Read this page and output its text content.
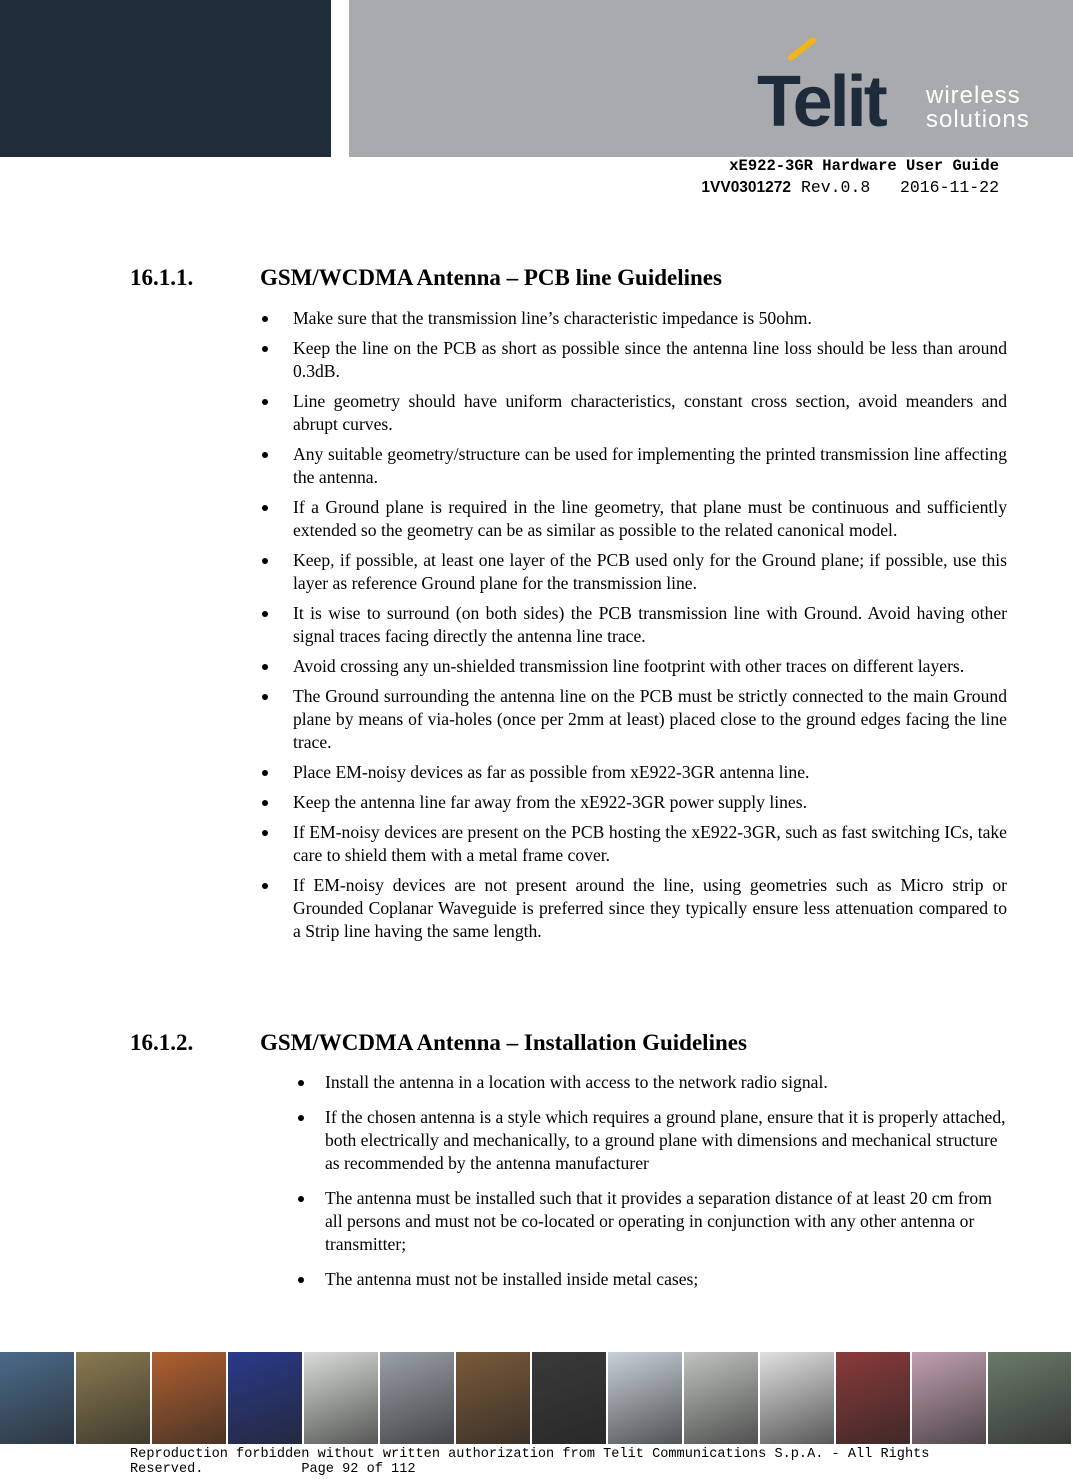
Telit wireless
solutions
xE922-3GR Hardware User Guide
1VV0301272 Rev.0.8 2016-11-22
16.1.1.	GSM/WCDMA Antenna – PCB line Guidelines
Make sure that the transmission line’s characteristic impedance is 50ohm.
Keep the line on the PCB as short as possible since the antenna line loss should be less than around 0.3dB.
Line geometry should have uniform characteristics, constant cross section, avoid meanders and abrupt curves.
Any suitable geometry/structure can be used for implementing the printed transmission line affecting the antenna.
If a Ground plane is required in the line geometry, that plane must be continuous and sufficiently extended so the geometry can be as similar as possible to the related canonical model.
Keep, if possible, at least one layer of the PCB used only for the Ground plane; if possible, use this layer as reference Ground plane for the transmission line.
It is wise to surround (on both sides) the PCB transmission line with Ground. Avoid having other signal traces facing directly the antenna line trace.
Avoid crossing any un-shielded transmission line footprint with other traces on different layers.
The Ground surrounding the antenna line on the PCB must be strictly connected to the main Ground plane by means of via-holes (once per 2mm at least) placed close to the ground edges facing the line trace.
Place EM-noisy devices as far as possible from xE922-3GR antenna line.
Keep the antenna line far away from the xE922-3GR power supply lines.
If EM-noisy devices are present on the PCB hosting the xE922-3GR, such as fast switching ICs, take care to shield them with a metal frame cover.
If EM-noisy devices are not present around the line, using geometries such as Micro strip or Grounded Coplanar Waveguide is preferred since they typically ensure less attenuation compared to a Strip line having the same length.
16.1.2.	GSM/WCDMA Antenna – Installation Guidelines
Install the antenna in a location with access to the network radio signal.
If the chosen antenna is a style which requires a ground plane, ensure that it is properly attached, both electrically and mechanically, to a ground plane with dimensions and mechanical structure as recommended by the antenna manufacturer
The antenna must be installed such that it provides a separation distance of at least 20 cm from all persons and must not be co-located or operating in conjunction with any other antenna or transmitter;
The antenna must not be installed inside metal cases;
Reproduction forbidden without written authorization from Telit Communications S.p.A. - All Rights
Reserved.	Page 92 of 112
